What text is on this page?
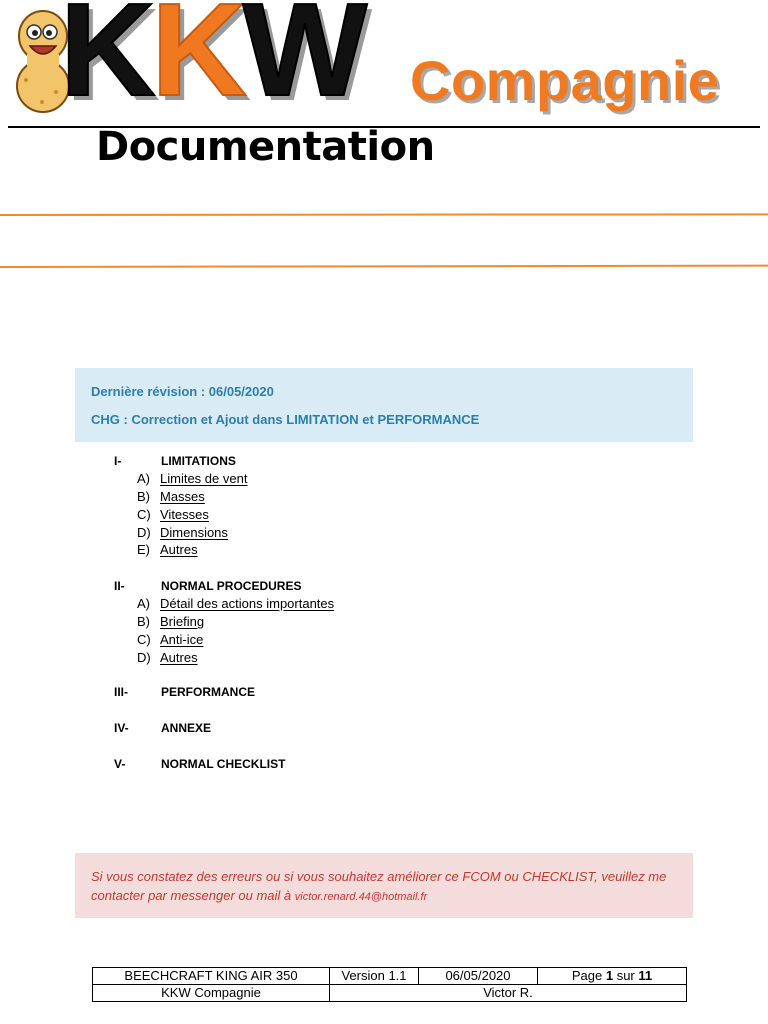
KKW Compagnie
Documentation
Dernière révision : 06/05/2020
CHG : Correction et Ajout dans LIMITATION et PERFORMANCE
I-	LIMITATIONS
A) Limites de vent
B) Masses
C) Vitesses
D) Dimensions
E) Autres
II-	NORMAL PROCEDURES
A) Détail des actions importantes
B) Briefing
C) Anti-ice
D) Autres
III-	PERFORMANCE
IV-	ANNEXE
V-	NORMAL CHECKLIST
Si vous constatez des erreurs ou si vous souhaitez améliorer ce FCOM ou CHECKLIST, veuillez me contacter par messenger ou mail à victor.renard.44@hotmail.fr
BEECHCRAFT KING AIR 350	Version 1.1	06/05/2020	Page 1 sur 11
KKW Compagnie	Victor R.		
